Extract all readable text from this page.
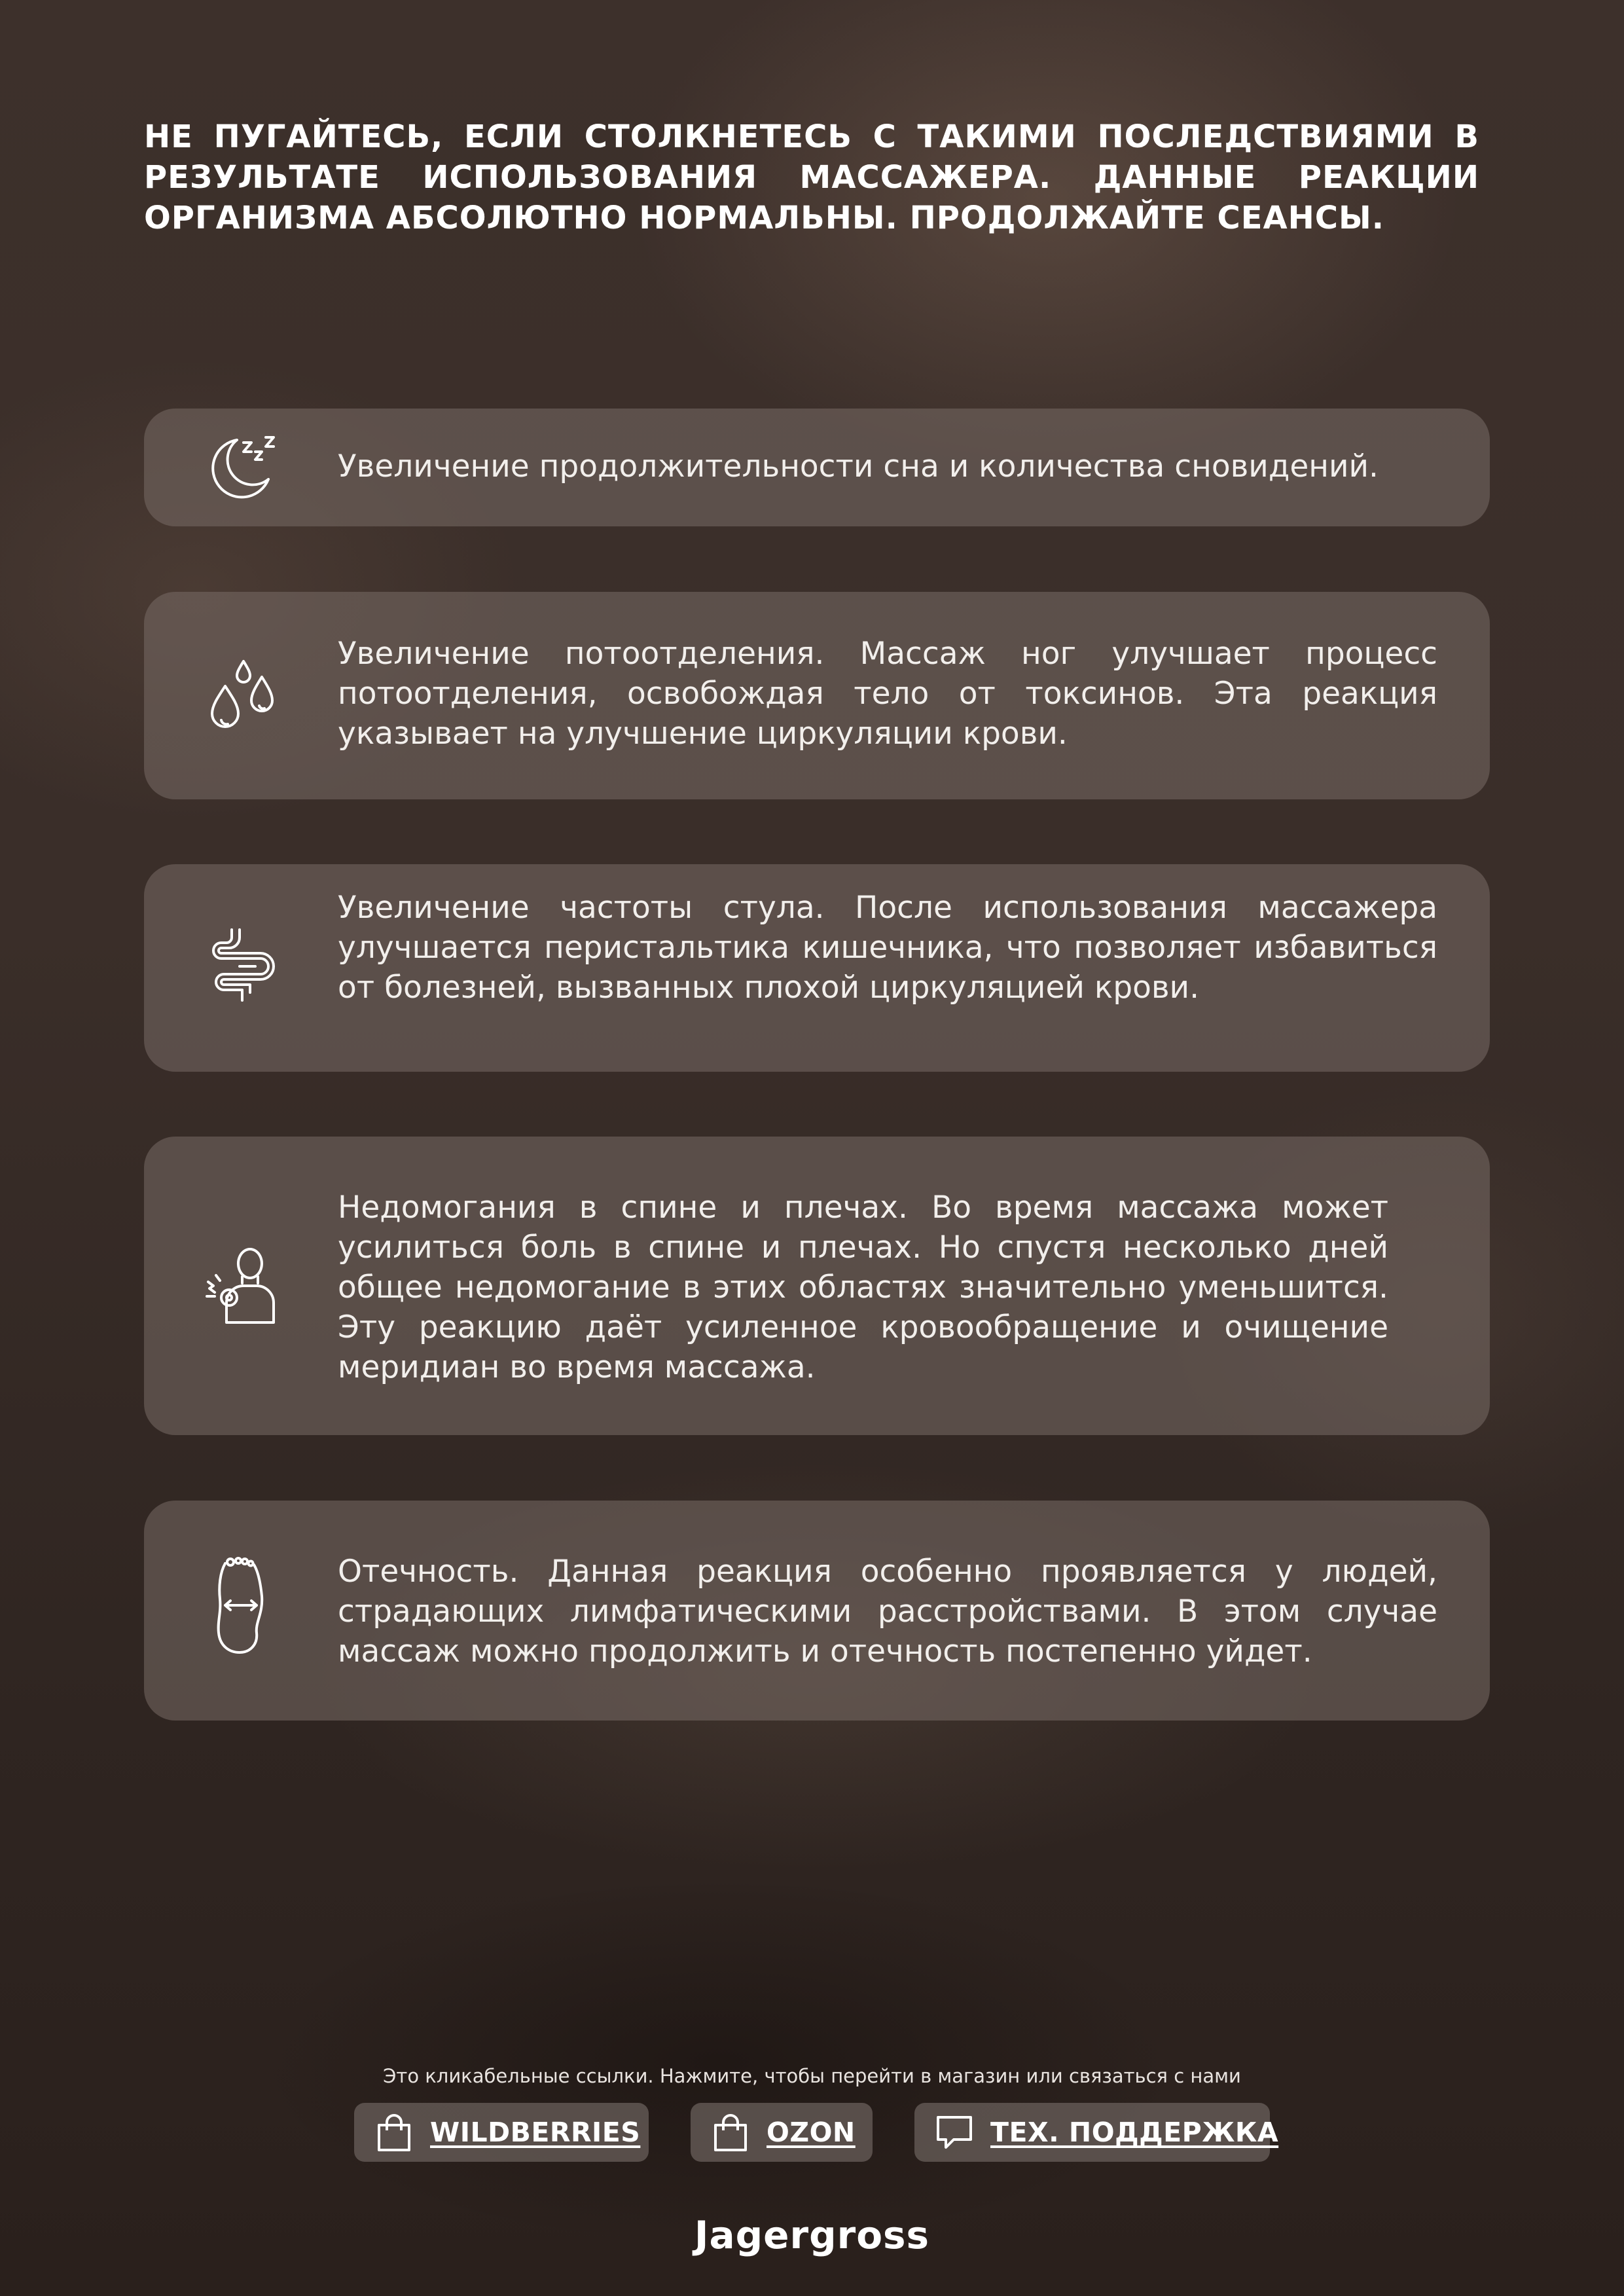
НЕ ПУГАЙТЕСЬ, ЕСЛИ СТОЛКНЕТЕСЬ С ТАКИМИ ПОСЛЕДСТВИЯМИ В РЕЗУЛЬТАТЕ ИСПОЛЬЗОВАНИЯ МАССАЖЕРА. ДАННЫЕ РЕАКЦИИ ОРГАНИЗМА АБСОЛЮТНО НОРМАЛЬНЫ. ПРОДОЛЖАЙТЕ СЕАНСЫ.

Увеличение продолжительности сна и количества сновидений.
Увеличение потоотделения. Массаж ног улучшает процесс потоотделения, освобождая тело от токсинов. Эта реакция указывает на улучшение циркуляции крови.
Увеличение частоты стула. После использования массажера улучшается перистальтика кишечника, что позволяет избавиться от болезней, вызванных плохой циркуляцией крови.
Недомогания в спине и плечах. Во время массажа может усилиться боль в спине и плечах. Но спустя несколько дней общее недомогание в этих областях значительно уменьшится. Эту реакцию даёт усиленное кровообращение и очищение меридиан во время массажа.
Отечность. Данная реакция особенно проявляется у людей, страдающих лимфатическими расстройствами. В этом случае массаж можно продолжить и отечность постепенно уйдет.
Это кликабельные ссылки. Нажмите, чтобы перейти в магазин или связаться с нами
WILDBERRIES	OZON	ТЕХ. ПОДДЕРЖКА
Jagergross
